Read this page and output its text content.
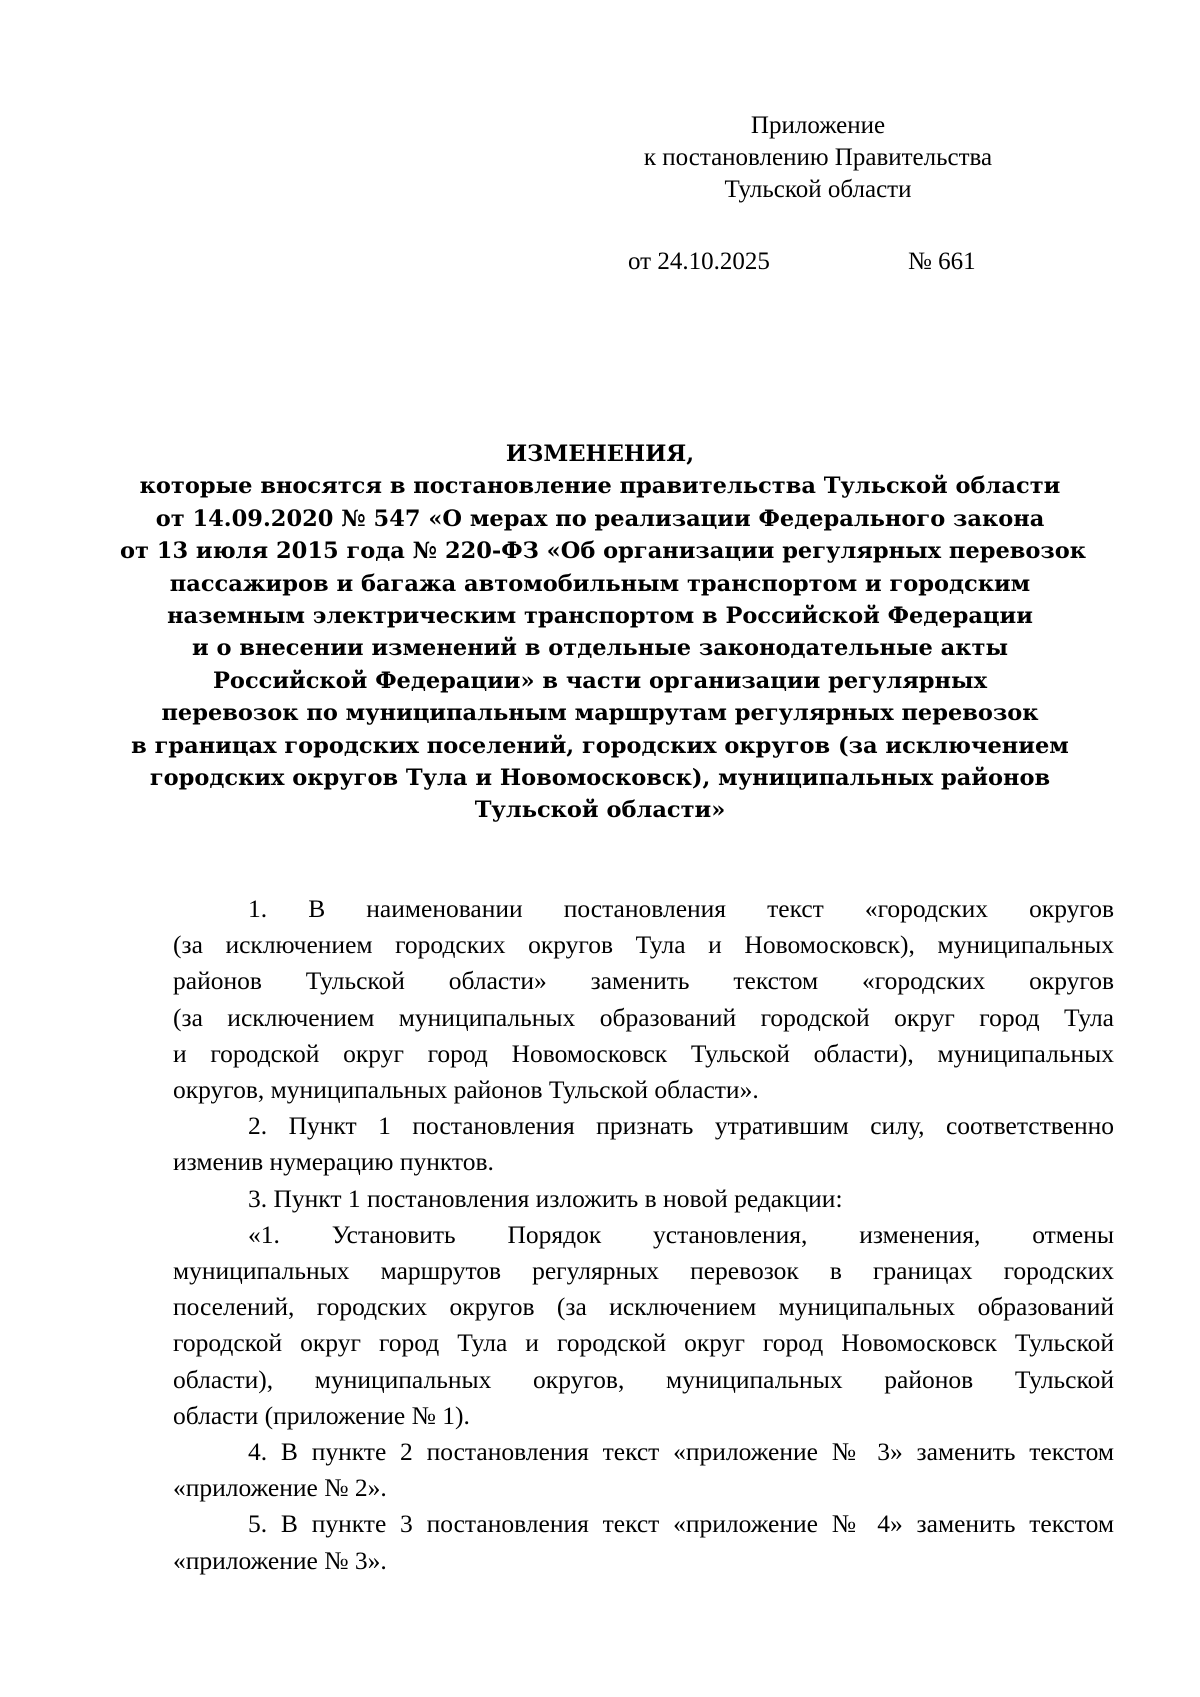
Приложение
к постановлению Правительства
Тульской области
от 24.10.2025	№ 661
ИЗМЕНЕНИЯ,
которые вносятся в постановление правительства Тульской области
от 14.09.2020 № 547 «О мерах по реализации Федерального закона
от 13 июля 2015 года № 220-ФЗ «Об организации регулярных перевозок
пассажиров и багажа автомобильным транспортом и городским
наземным электрическим транспортом в Российской Федерации
и о внесении изменений в отдельные законодательные акты
Российской Федерации» в части организации регулярных
перевозок по муниципальным маршрутам регулярных перевозок
в границах городских поселений, городских округов (за исключением
городских округов Тула и Новомосковск), муниципальных районов
Тульской области»
1. В наименовании постановления текст «городских округов
(за исключением городских округов Тула и Новомосковск), муниципальных
районов Тульской области» заменить текстом «городских округов
(за исключением муниципальных образований городской округ город Тула
и городской округ город Новомосковск Тульской области), муниципальных
округов, муниципальных районов Тульской области».
2. Пункт 1 постановления признать утратившим силу, соответственно
изменив нумерацию пунктов.
3. Пункт 1 постановления изложить в новой редакции:
«1. Установить Порядок установления, изменения, отмены
муниципальных маршрутов регулярных перевозок в границах городских
поселений, городских округов (за исключением муниципальных образований
городской округ город Тула и городской округ город Новомосковск Тульской
области), муниципальных округов, муниципальных районов Тульской
области (приложение № 1).
4. В пункте 2 постановления текст «приложение № 3» заменить текстом
«приложение № 2».
5. В пункте 3 постановления текст «приложение № 4» заменить текстом
«приложение № 3».
